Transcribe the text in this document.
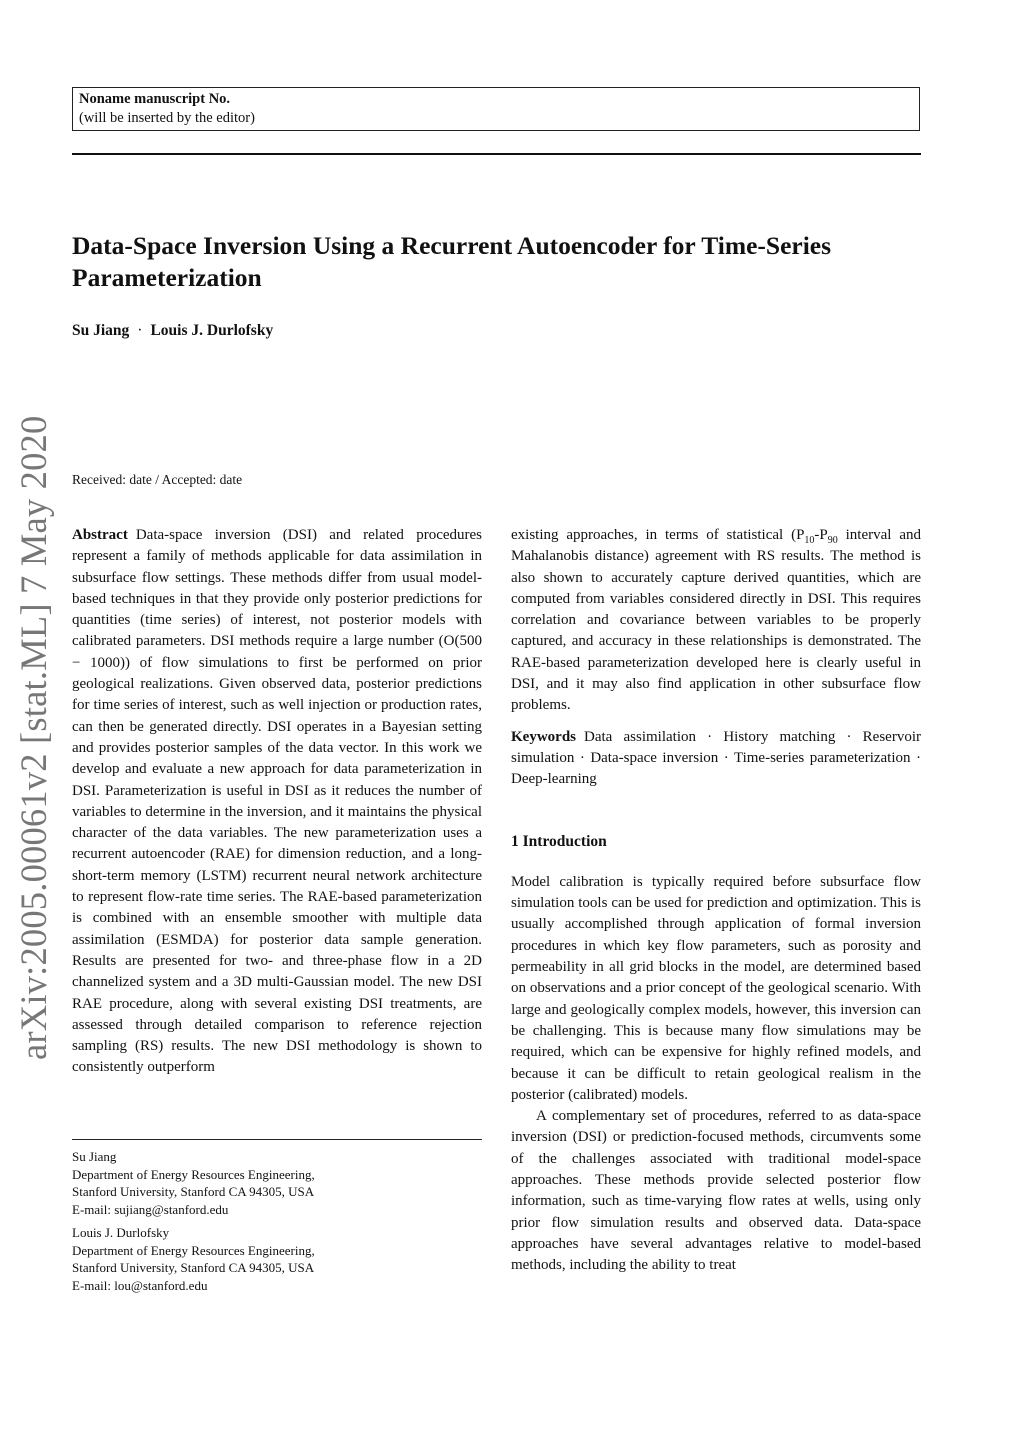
Noname manuscript No.
(will be inserted by the editor)
arXiv:2005.00061v2 [stat.ML] 7 May 2020
Data-Space Inversion Using a Recurrent Autoencoder for Time-Series Parameterization
Su Jiang · Louis J. Durlofsky
Received: date / Accepted: date

Abstract Data-space inversion (DSI) and related procedures represent a family of methods applicable for data assimilation in subsurface flow settings. These methods differ from usual model-based techniques in that they provide only posterior predictions for quantities (time series) of interest, not posterior models with calibrated parameters. DSI methods require a large number (O(500 − 1000)) of flow simulations to first be performed on prior geological realizations. Given observed data, posterior predictions for time series of interest, such as well injection or production rates, can then be generated directly. DSI operates in a Bayesian setting and provides posterior samples of the data vector. In this work we develop and evaluate a new approach for data parameterization in DSI. Parameterization is useful in DSI as it reduces the number of variables to determine in the inversion, and it maintains the physical character of the data variables. The new parameterization uses a recurrent autoencoder (RAE) for dimension reduction, and a long-short-term memory (LSTM) recurrent neural network architecture to represent flow-rate time series. The RAE-based parameterization is combined with an ensemble smoother with multiple data assimilation (ESMDA) for posterior data sample generation. Results are presented for two- and three-phase flow in a 2D channelized system and a 3D multi-Gaussian model. The new DSI RAE procedure, along with several existing DSI treatments, are assessed through detailed comparison to reference rejection sampling (RS) results. The new DSI methodology is shown to consistently outperform

Su Jiang
Department of Energy Resources Engineering,
Stanford University, Stanford CA 94305, USA
E-mail: sujiang@stanford.edu
Louis J. Durlofsky
Department of Energy Resources Engineering,
Stanford University, Stanford CA 94305, USA
E-mail: lou@stanford.edu

existing approaches, in terms of statistical ($P_{10}-P_{90}$ interval and Mahalanobis distance) agreement with RS results. The method is also shown to accurately capture derived quantities, which are computed from variables considered directly in DSI. This requires correlation and covariance between variables to be properly captured, and accuracy in these relationships is demonstrated. The RAE-based parameterization developed here is clearly useful in DSI, and it may also find application in other subsurface flow problems.

Keywords Data assimilation · History matching · Reservoir simulation · Data-space inversion · Time-series parameterization · Deep-learning

1 Introduction

Model calibration is typically required before subsurface flow simulation tools can be used for prediction and optimization. This is usually accomplished through application of formal inversion procedures in which key flow parameters, such as porosity and permeability in all grid blocks in the model, are determined based on observations and a prior concept of the geological scenario. With large and geologically complex models, however, this inversion can be challenging. This is because many flow simulations may be required, which can be expensive for highly refined models, and because it can be difficult to retain geological realism in the posterior (calibrated) models.

A complementary set of procedures, referred to as data-space inversion (DSI) or prediction-focused methods, circumvents some of the challenges associated with traditional model-space approaches. These methods provide selected posterior flow information, such as time-varying flow rates at wells, using only prior flow simulation results and observed data. Data-space approaches have several advantages relative to model-based methods, including the ability to treat
